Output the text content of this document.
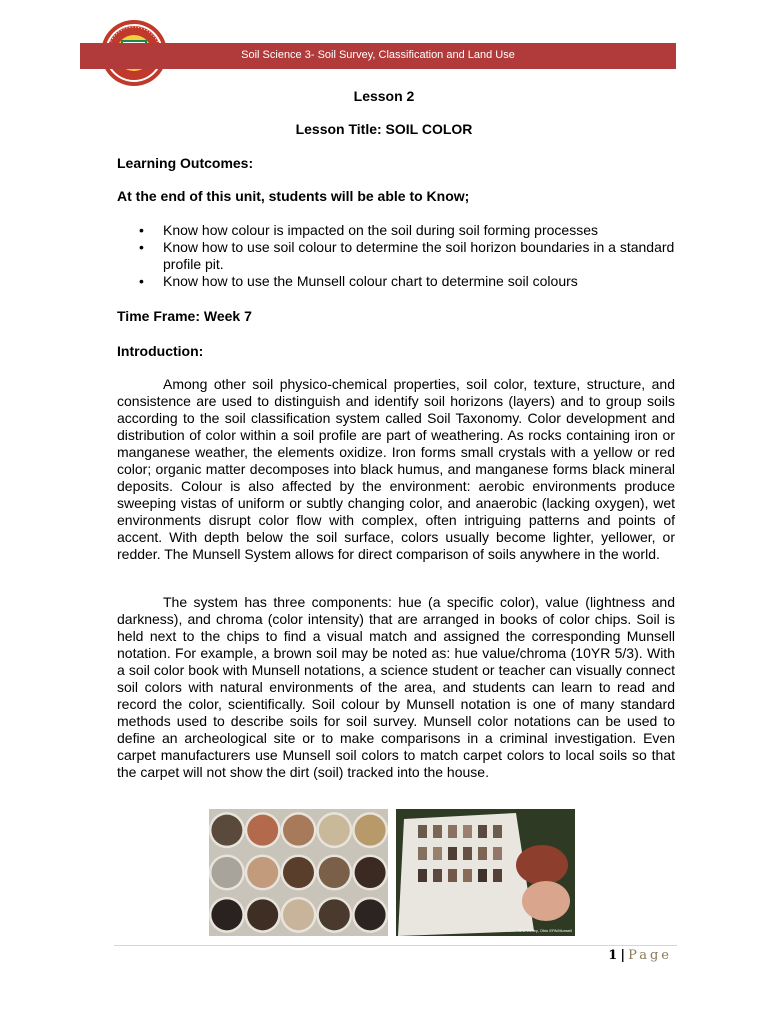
Soil Science 3- Soil Survey, Classification and Land Use
Lesson 2
Lesson Title: SOIL COLOR
Learning Outcomes:
At the end of this unit, students will be able to Know;
• Know how colour is impacted on the soil during soil forming processes
• Know how to use soil colour to determine the soil horizon boundaries in a standard profile pit.
• Know how to use the Munsell colour chart to determine soil colours
Time Frame: Week 7
Introduction:

Among other soil physico-chemical properties, soil color, texture, structure, and consistence are used to distinguish and identify soil horizons (layers) and to group soils according to the soil classification system called Soil Taxonomy. Color development and distribution of color within a soil profile are part of weathering. As rocks containing iron or manganese weather, the elements oxidize. Iron forms small crystals with a yellow or red color; organic matter decomposes into black humus, and manganese forms black mineral deposits. Colour is also affected by the environment: aerobic environments produce sweeping vistas of uniform or subtly changing color, and anaerobic (lacking oxygen), wet environments disrupt color flow with complex, often intriguing patterns and points of accent. With depth below the soil surface, colors usually become lighter, yellower, or redder. The Munsell System allows for direct comparison of soils anywhere in the world.

The system has three components: hue (a specific color), value (lightness and darkness), and chroma (color intensity) that are arranged in books of color chips. Soil is held next to the chips to find a visual match and assigned the corresponding Munsell notation. For example, a brown soil may be noted as: hue value/chroma (10YR 5/3). With a soil color book with Munsell notations, a science student or teacher can visually connect soil colors with natural environments of the area, and students can learn to read and record the color, scientifically. Soil colour by Munsell notation is one of many standard methods used to describe soils for soil survey. Munsell color notations can be used to define an archeological site or to make comparisons in a criminal investigation. Even carpet manufacturers use Munsell soil colors to match carpet colors to local soils so that the carpet will not show the dirt (soil) tracked into the house.

© J. Kelley, Ohio EPA/Munsell
1 | Page
